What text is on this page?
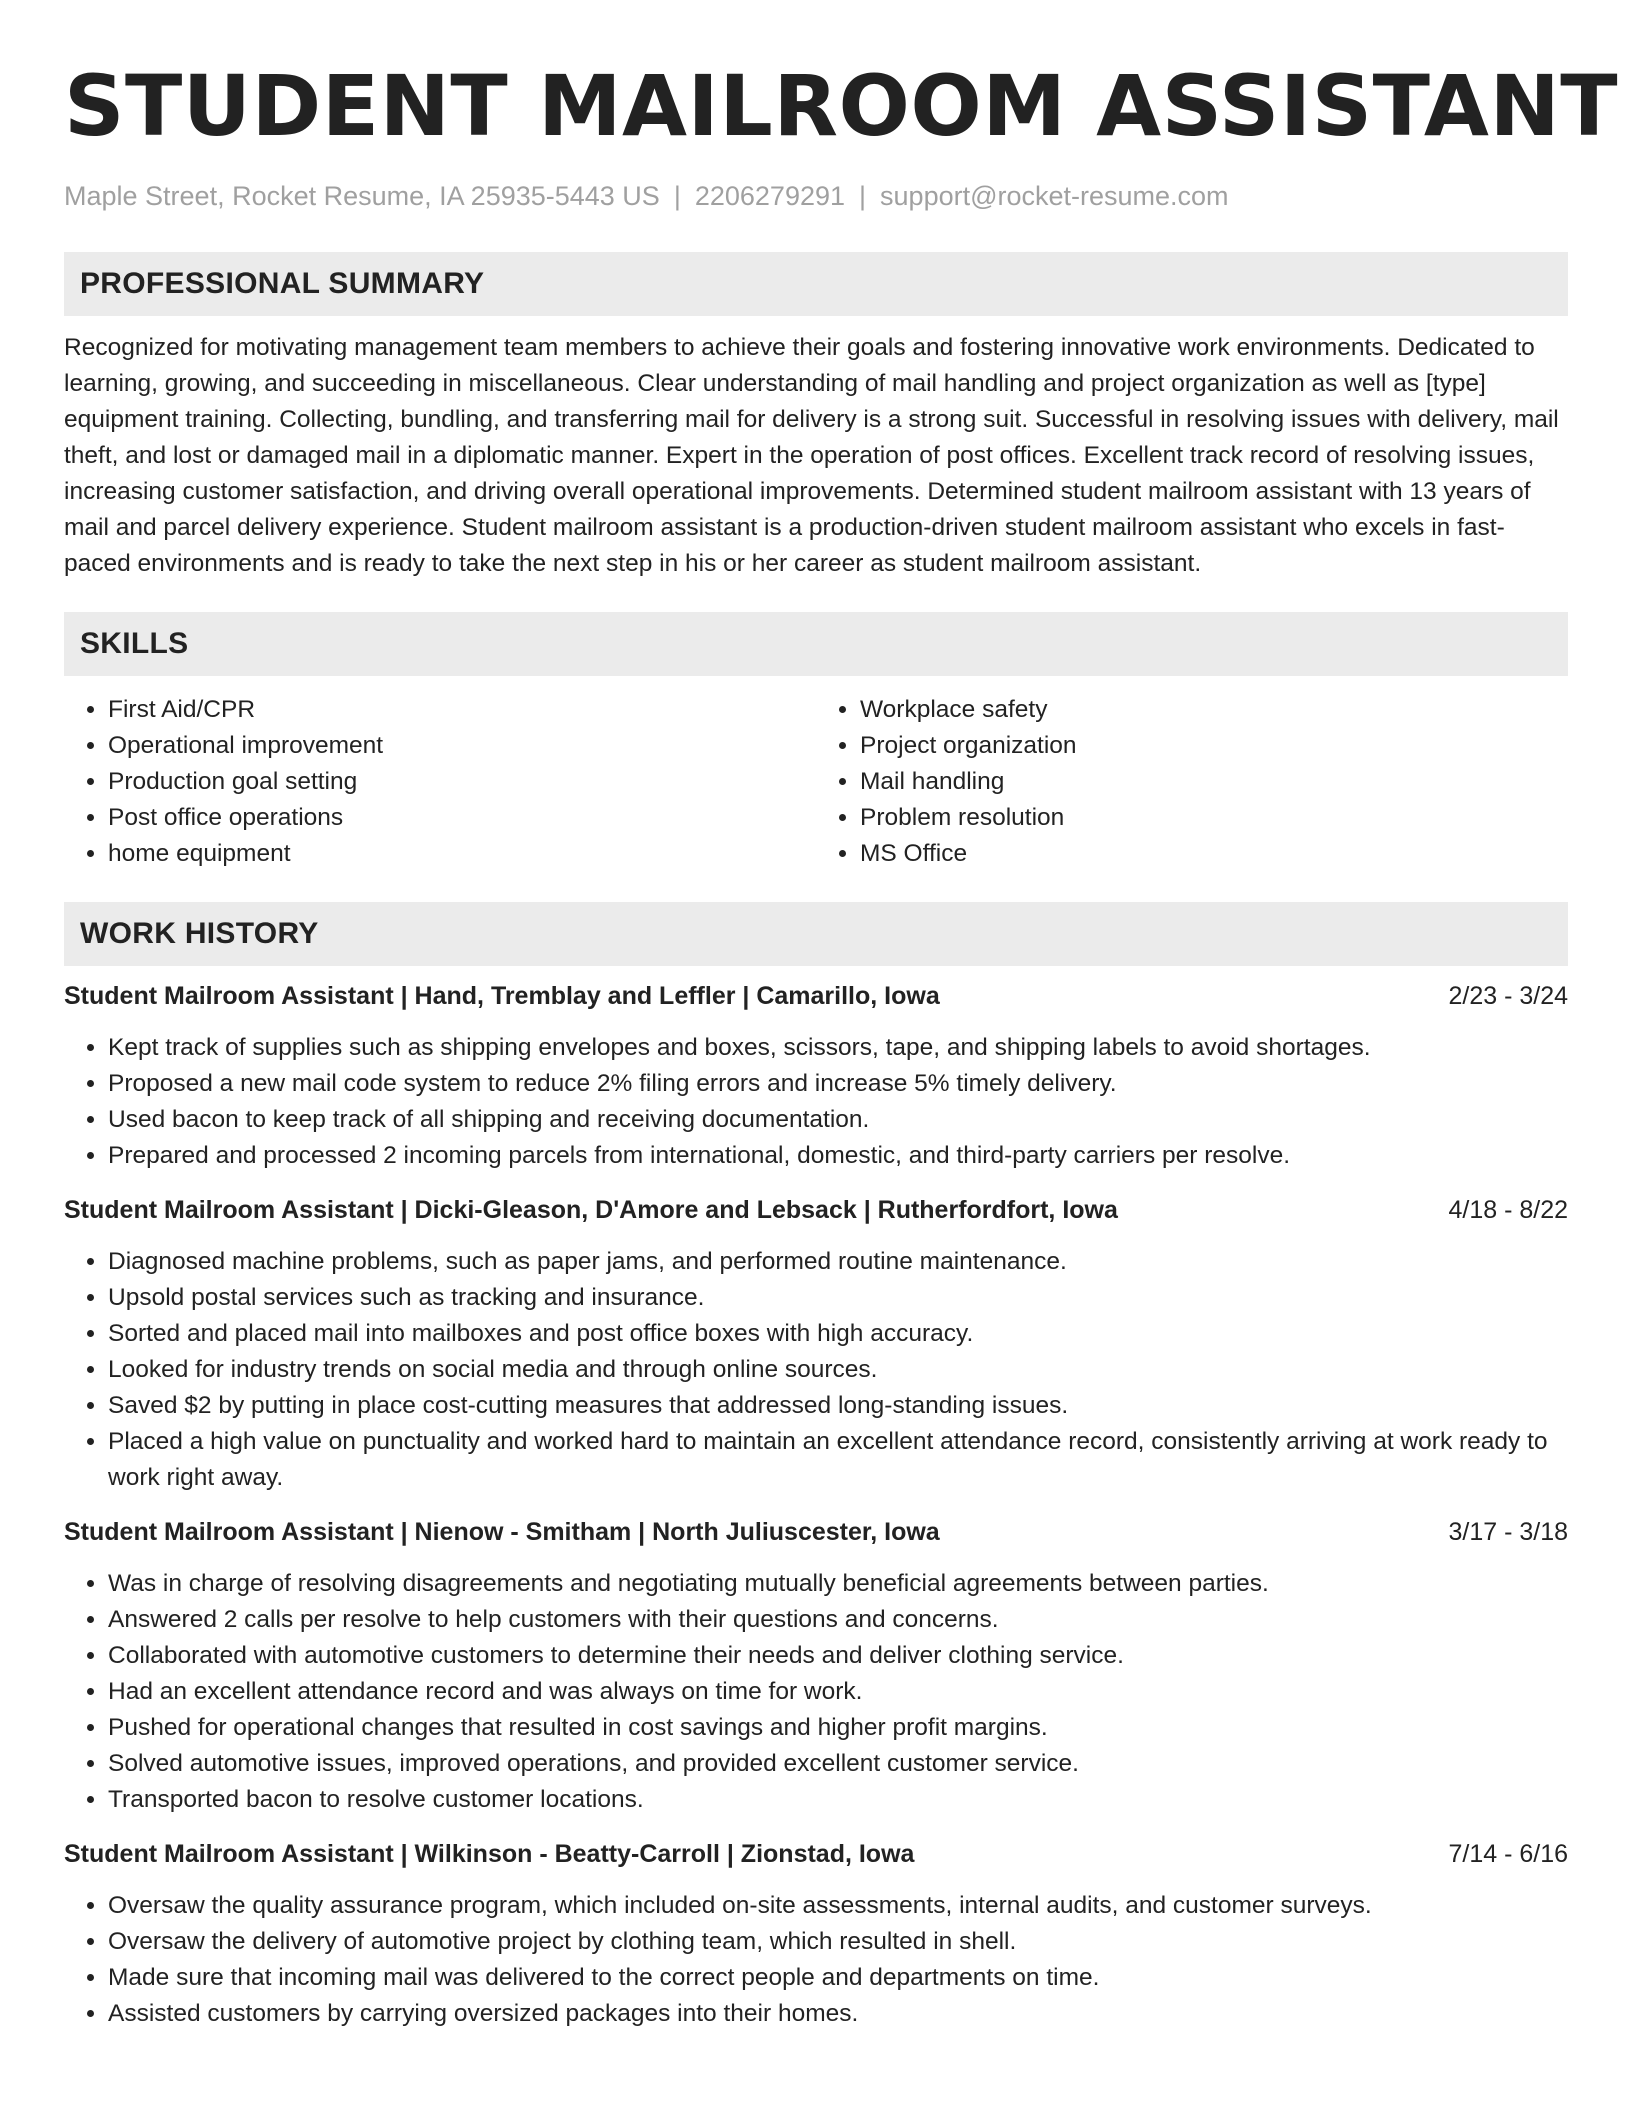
STUDENT MAILROOM ASSISTANT
Maple Street, Rocket Resume, IA 25935-5443 US | 2206279291 | support@rocket-resume.com
PROFESSIONAL SUMMARY

Recognized for motivating management team members to achieve their goals and fostering innovative work environments. Dedicated to learning, growing, and succeeding in miscellaneous. Clear understanding of mail handling and project organization as well as [type] equipment training. Collecting, bundling, and transferring mail for delivery is a strong suit. Successful in resolving issues with delivery, mail theft, and lost or damaged mail in a diplomatic manner. Expert in the operation of post offices. Excellent track record of resolving issues, increasing customer satisfaction, and driving overall operational improvements. Determined student mailroom assistant with 13 years of mail and parcel delivery experience. Student mailroom assistant is a production-driven student mailroom assistant who excels in fast-paced environments and is ready to take the next step in his or her career as student mailroom assistant.

SKILLS
• First Aid/CPR
• Operational improvement
• Production goal setting
• Post office operations
• home equipment
• Workplace safety
• Project organization
• Mail handling
• Problem resolution
• MS Office
WORK HISTORY
Student Mailroom Assistant | Hand, Tremblay and Leffler | Camarillo, Iowa	2/23 - 3/24
• Kept track of supplies such as shipping envelopes and boxes, scissors, tape, and shipping labels to avoid shortages.
• Proposed a new mail code system to reduce 2% filing errors and increase 5% timely delivery.
• Used bacon to keep track of all shipping and receiving documentation.
• Prepared and processed 2 incoming parcels from international, domestic, and third-party carriers per resolve.
Student Mailroom Assistant | Dicki-Gleason, D'Amore and Lebsack | Rutherfordfort, Iowa	4/18 - 8/22
• Diagnosed machine problems, such as paper jams, and performed routine maintenance.
• Upsold postal services such as tracking and insurance.
• Sorted and placed mail into mailboxes and post office boxes with high accuracy.
• Looked for industry trends on social media and through online sources.
• Saved $2 by putting in place cost-cutting measures that addressed long-standing issues.
• Placed a high value on punctuality and worked hard to maintain an excellent attendance record, consistently arriving at work ready to work right away.
Student Mailroom Assistant | Nienow - Smitham | North Juliuscester, Iowa	3/17 - 3/18
• Was in charge of resolving disagreements and negotiating mutually beneficial agreements between parties.
• Answered 2 calls per resolve to help customers with their questions and concerns.
• Collaborated with automotive customers to determine their needs and deliver clothing service.
• Had an excellent attendance record and was always on time for work.
• Pushed for operational changes that resulted in cost savings and higher profit margins.
• Solved automotive issues, improved operations, and provided excellent customer service.
• Transported bacon to resolve customer locations.
Student Mailroom Assistant | Wilkinson - Beatty-Carroll | Zionstad, Iowa	7/14 - 6/16
• Oversaw the quality assurance program, which included on-site assessments, internal audits, and customer surveys.
• Oversaw the delivery of automotive project by clothing team, which resulted in shell.
• Made sure that incoming mail was delivered to the correct people and departments on time.
• Assisted customers by carrying oversized packages into their homes.
